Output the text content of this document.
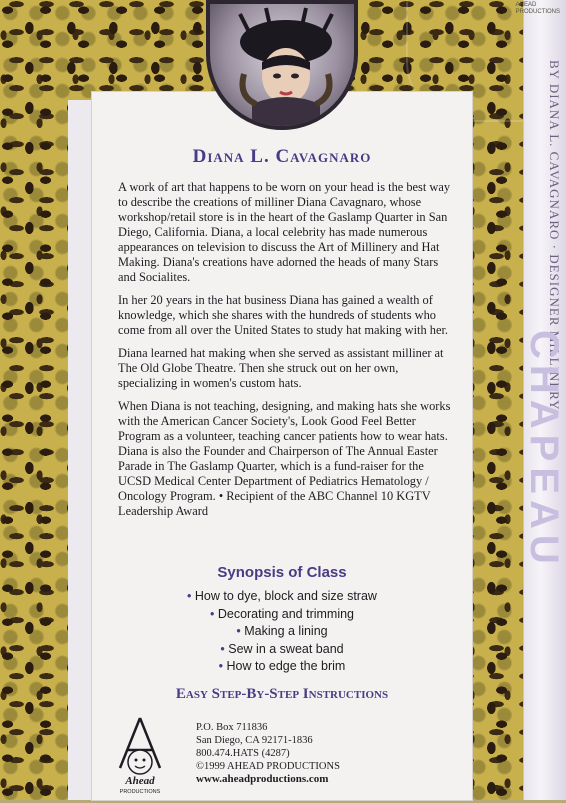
AHEAD PRODUCTIONS
BY DIANA L. CAVAGNARO · DESIGNER MILLINERY
CHAPEAU
Diana L. Cavagnaro

A work of art that happens to be worn on your head is the best way to describe the creations of milliner Diana Cavagnaro, whose workshop/retail store is in the heart of the Gaslamp Quarter in San Diego, California. Diana, a local celebrity has made numerous appearances on television to discuss the Art of Millinery and Hat Making. Diana's creations have adorned the heads of many Stars and Socialites.

In her 20 years in the hat business Diana has gained a wealth of knowledge, which she shares with the hundreds of students who come from all over the United States to study hat making with her.

Diana learned hat making when she served as assistant milliner at The Old Globe Theatre. Then she struck out on her own, specializing in women's custom hats.

When Diana is not teaching, designing, and making hats she works with the American Cancer Society's, Look Good Feel Better Program as a volunteer, teaching cancer patients how to wear hats. Diana is also the Founder and Chairperson of The Annual Easter Parade in The Gaslamp Quarter, which is a fund-raiser for the UCSD Medical Center Department of Pediatrics Hematology / Oncology Program. • Recipient of the ABC Channel 10 KGTV Leadership Award

Synopsis of Class
• How to dye, block and size straw
• Decorating and trimming
• Making a lining
• Sew in a sweat band
• How to edge the brim
Easy Step-By-Step Instructions
Ahead
PRODUCTIONS
P.O. Box 711836
San Diego, CA 92171-1836
800.474.HATS (4287)
©1999 AHEAD PRODUCTIONS
www.aheadproductions.com
